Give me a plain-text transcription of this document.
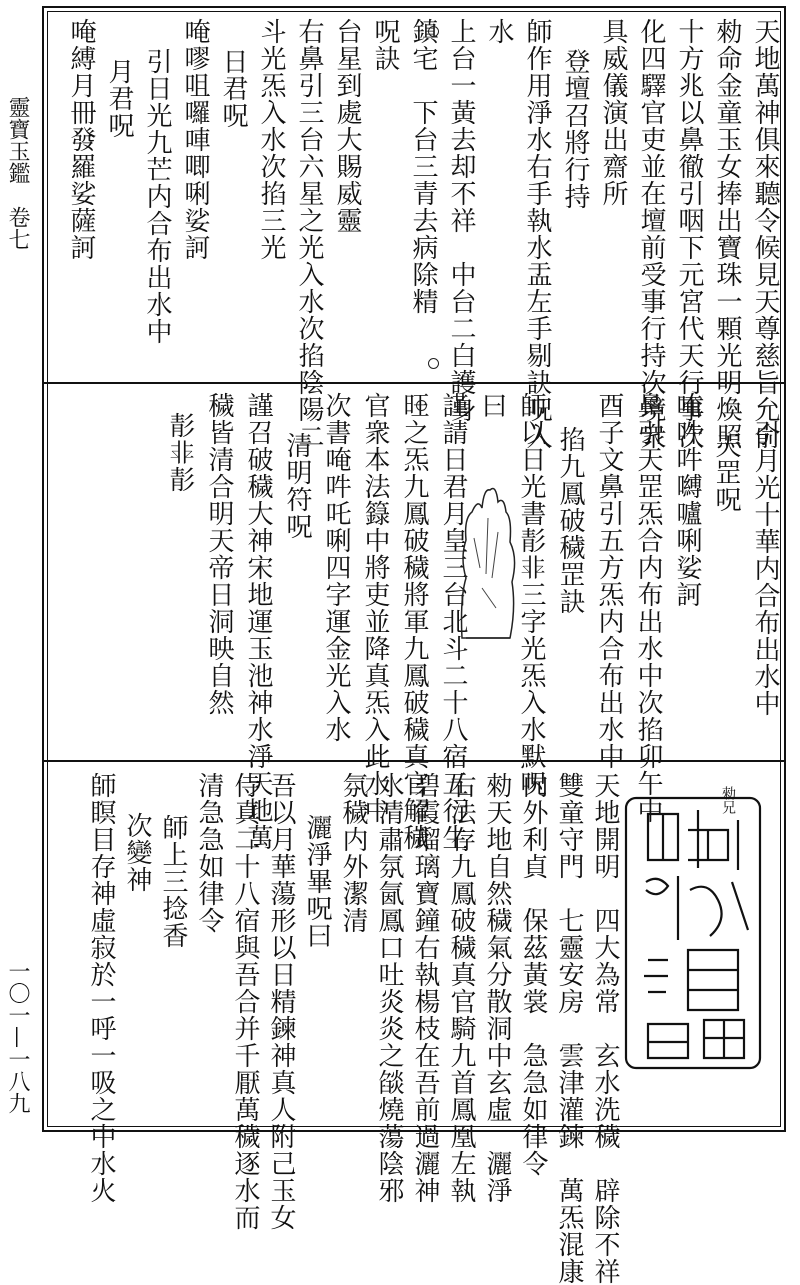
靈寶玉鑑　卷七
一〇一—一八九
天地萬神俱來聽令候見天尊慈旨允俞
勑命金童玉女捧出寶珠一顆光明煥照
十方兆以鼻徹引咽下元宮代天行事次
化四驛官吏並在壇前受事行持次境衆
具威儀演出齋所
登壇召將行持
師作用淨水右手執水盂左手剔訣呪入
水
上台一黃去却不祥　中台二白護身
鎮宅　下台三青去病除精
呪訣
台星到處大賜威靈
右鼻引三台六星之光入水次掐陰陽二
斗光炁入水次掐三光
日君呪
唵嘐咀囉唓唧唎娑訶
引日光九芒内合布出水中
月君呪
唵縛月冊發羅娑薩訶
引月光十華内合布出水中
天罡呪
唵吽吽嚩嚧唎娑訶
鼻引天罡炁合内布出水中次掐卯午中
酉子文鼻引五方炁内合布出水中
掐九鳳破穢罡訣
師以日光書𩇕𩇧三字光炁入水默呪
曰
謹請日君月皇三台北斗二十八宿五行生
旺之炁九鳳破穢將軍九鳳破穢真官解穢
官衆本法籙中將吏並降真炁入此水中
次書唵吽吒唎四字運金光入水
清明符呪
謹召破穢大神宋地運玉池神水淨天地萬
穢皆清合明天帝日洞映自然
𩇕𩇧𩇕
天地開明　四大為常　玄水洗穢　辟除不祥
雙童守門　七靈安房　雲津灌鍊　萬炁混康
内外利貞　保茲黃裳　急急如律令
勑天地自然穢氣分散洞中玄虛　灑淨
右法存九鳳破穢真官騎九首鳳凰左執
碧霞瑠璃寶鐘右執楊枝在吾前過灑神
水清肅氛氤鳳口吐炎炎之燄燒蕩陰邪
氛穢内外潔清
灑淨畢呪曰
吾以月華蕩形以日精鍊神真人附己玉女
侍真二十八宿與吾合并千厭萬穢逐水而
清急急如律令
師上三捻香
次變神
師瞑目存神虛寂於一呼一吸之中水火	勑兄
